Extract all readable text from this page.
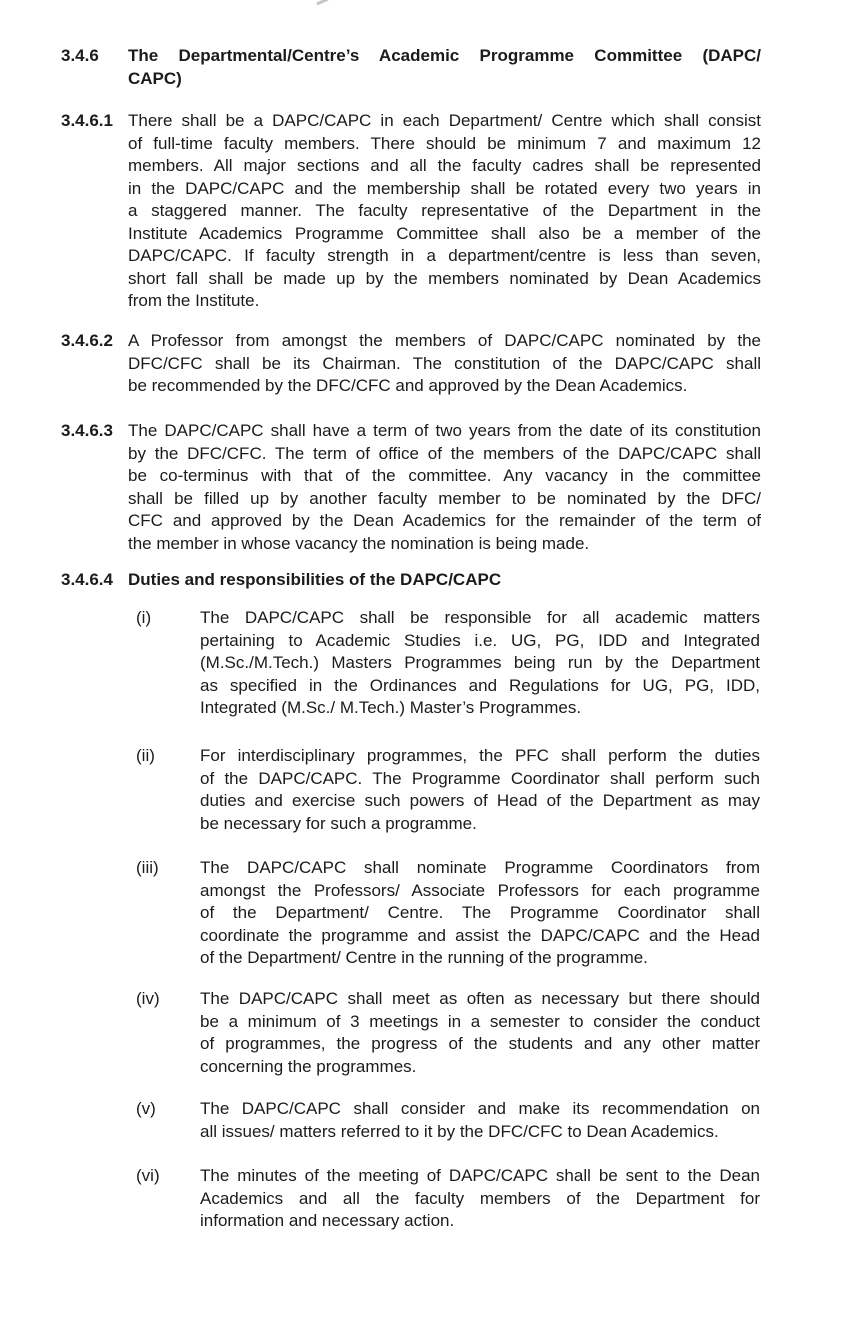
3.4.6	The Departmental/Centre’s Academic Programme Committee (DAPC/
CAPC)
3.4.6.1 There shall be a DAPC/CAPC in each Department/ Centre which shall consist
of full-time faculty members. There should be minimum 7 and maximum 12
members. All major sections and all the faculty cadres shall be represented
in the DAPC/CAPC and the membership shall be rotated every two years in
a staggered manner. The faculty representative of the Department in the
Institute Academics Programme Committee shall also be a member of the
DAPC/CAPC. If faculty strength in a department/centre is less than seven,
short fall shall be made up by the members nominated by Dean Academics
from the Institute.
3.4.6.2 A Professor from amongst the members of DAPC/CAPC nominated by the
DFC/CFC shall be its Chairman. The constitution of the DAPC/CAPC shall
be recommended by the DFC/CFC and approved by the Dean Academics.
3.4.6.3 The DAPC/CAPC shall have a term of two years from the date of its constitution
by the DFC/CFC. The term of office of the members of the DAPC/CAPC shall
be co-terminus with that of the committee. Any vacancy in the committee
shall be filled up by another faculty member to be nominated by the DFC/
CFC and approved by the Dean Academics for the remainder of the term of
the member in whose vacancy the nomination is being made.
3.4.6.4 Duties and responsibilities of the DAPC/CAPC
(i)	The DAPC/CAPC shall be responsible for all academic matters
pertaining to Academic Studies i.e. UG, PG, IDD and Integrated
(M.Sc./M.Tech.) Masters Programmes being run by the Department
as specified in the Ordinances and Regulations for UG, PG, IDD,
Integrated (M.Sc./ M.Tech.) Master’s Programmes.
(ii)	For interdisciplinary programmes, the PFC shall perform the duties
of the DAPC/CAPC. The Programme Coordinator shall perform such
duties and exercise such powers of Head of the Department as may
be necessary for such a programme.
(iii)	The DAPC/CAPC shall nominate Programme Coordinators from
amongst the Professors/ Associate Professors for each programme
of the Department/ Centre. The Programme Coordinator shall
coordinate the programme and assist the DAPC/CAPC and the Head
of the Department/ Centre in the running of the programme.
(iv)	The DAPC/CAPC shall meet as often as necessary but there should
be a minimum of 3 meetings in a semester to consider the conduct
of programmes, the progress of the students and any other matter
concerning the programmes.
(v)	The DAPC/CAPC shall consider and make its recommendation on
all issues/ matters referred to it by the DFC/CFC to Dean Academics.
(vi)	The minutes of the meeting of DAPC/CAPC shall be sent to the Dean
Academics and all the faculty members of the Department for
information and necessary action.
